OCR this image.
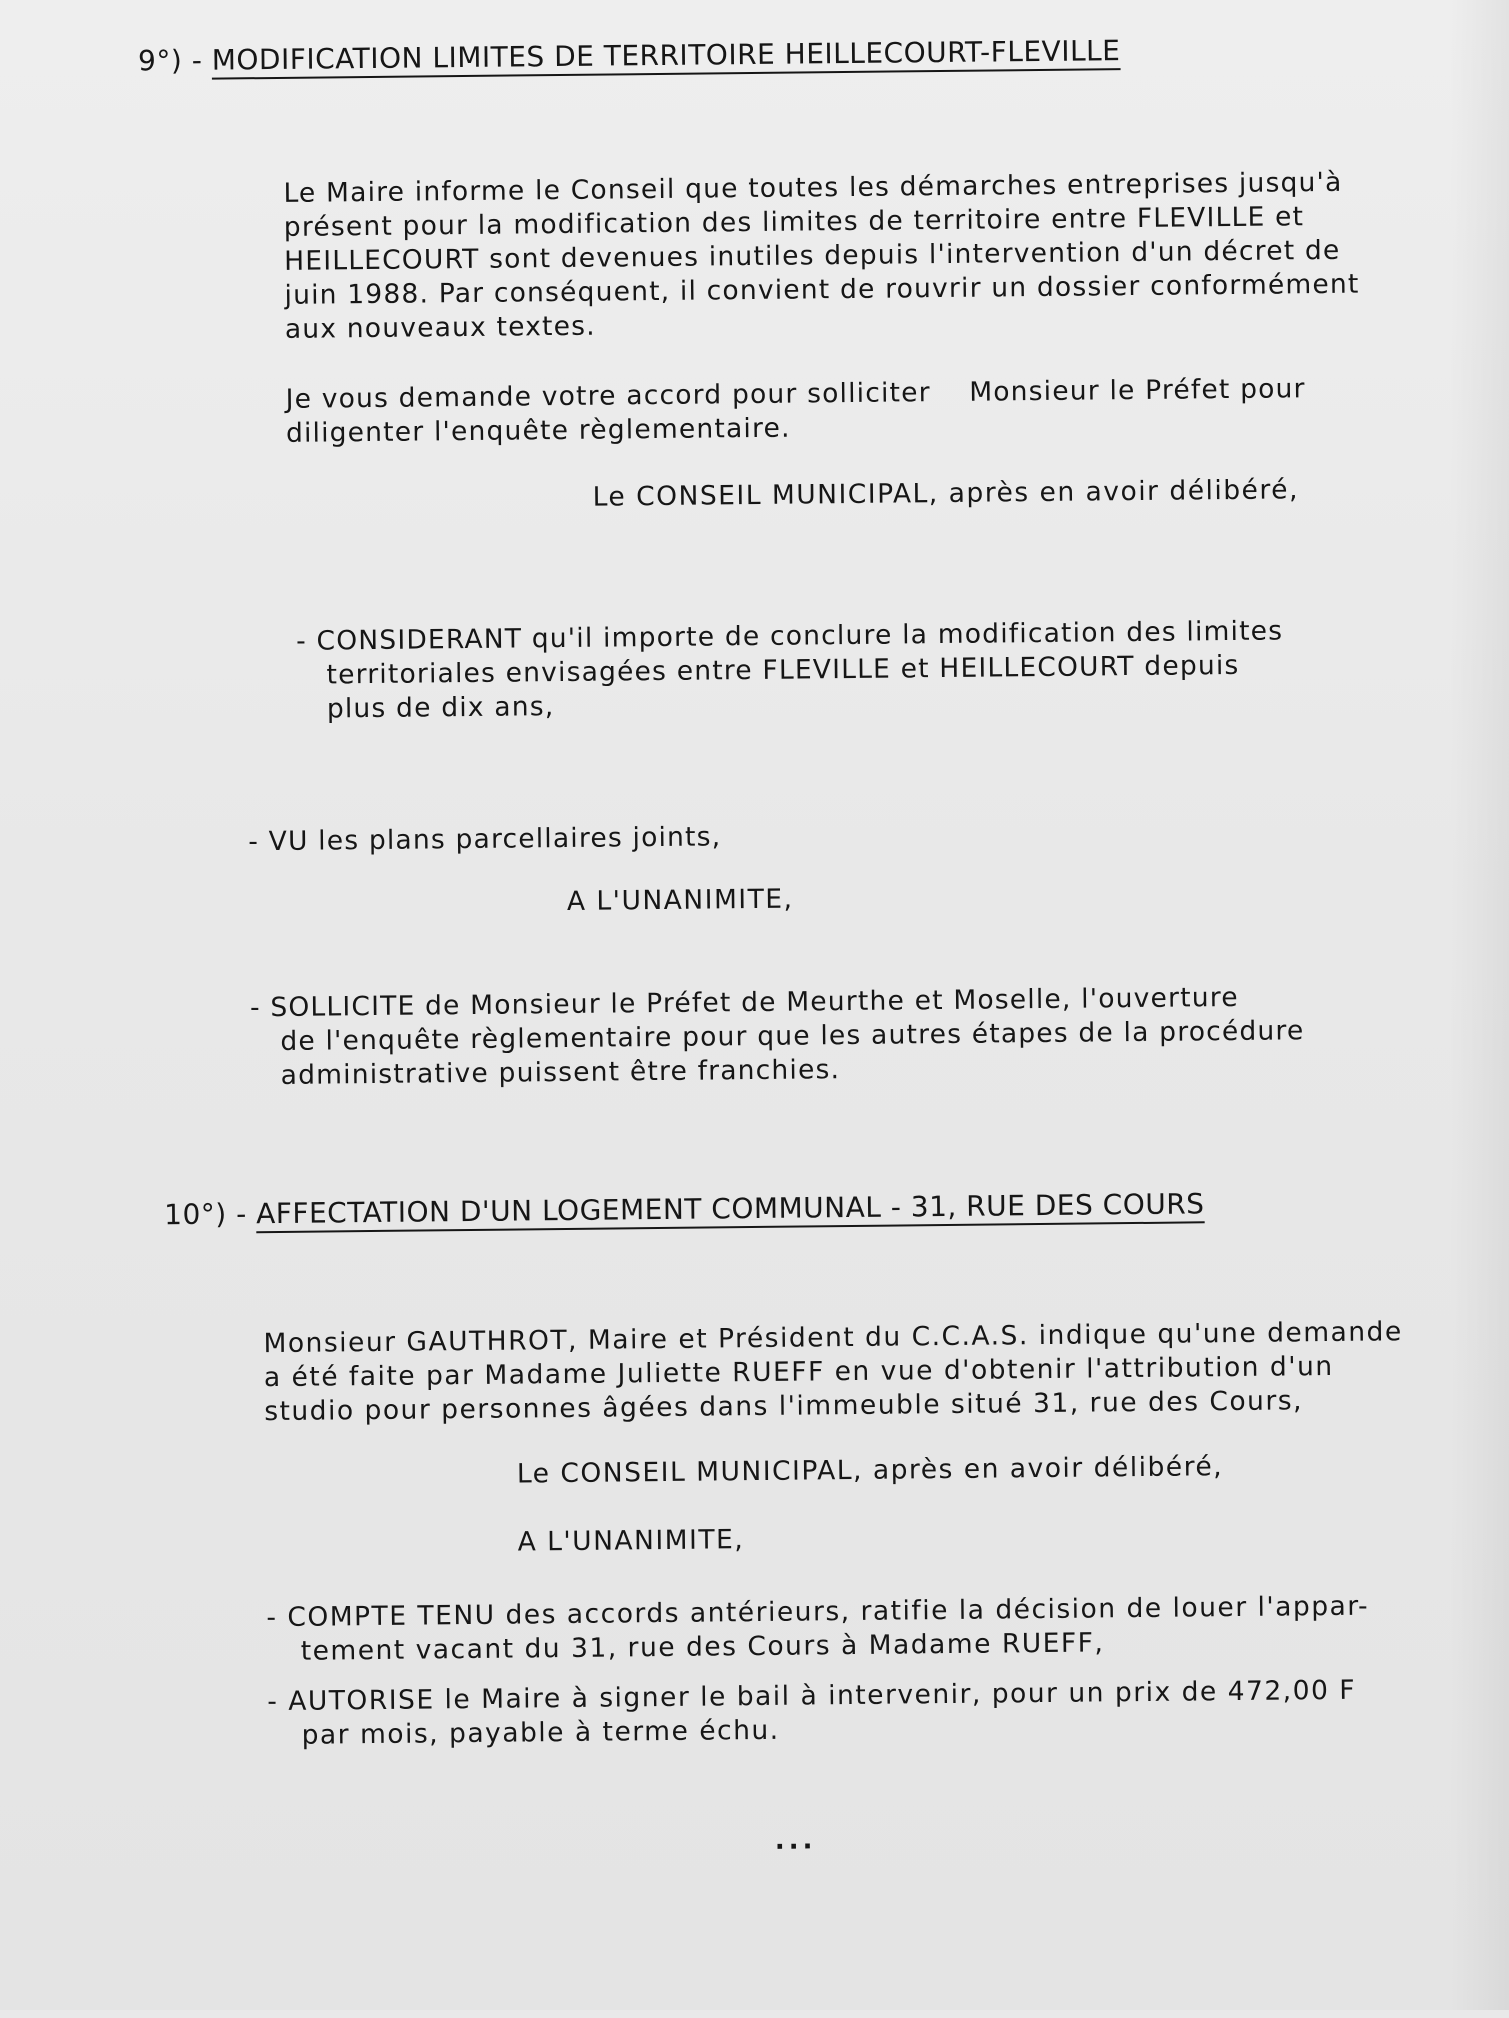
9°) - MODIFICATION LIMITES DE TERRITOIRE HEILLECOURT-FLEVILLE
Le Maire informe le Conseil que toutes les démarches entreprises jusqu'à
présent pour la modification des limites de territoire entre FLEVILLE et
HEILLECOURT sont devenues inutiles depuis l'intervention d'un décret de
juin 1988. Par conséquent, il convient de rouvrir un dossier conformément
aux nouveaux textes.
Je vous demande votre accord pour solliciter    Monsieur le Préfet pour
diligenter l'enquête règlementaire.
Le CONSEIL MUNICIPAL, après en avoir délibéré,
- CONSIDERANT qu'il importe de conclure la modification des limites
territoriales envisagées entre FLEVILLE et HEILLECOURT depuis
plus de dix ans,
- VU les plans parcellaires joints,
A L'UNANIMITE,
- SOLLICITE de Monsieur le Préfet de Meurthe et Moselle, l'ouverture
de l'enquête règlementaire pour que les autres étapes de la procédure
administrative puissent être franchies.
10°) - AFFECTATION D'UN LOGEMENT COMMUNAL - 31, RUE DES COURS
Monsieur GAUTHROT, Maire et Président du C.C.A.S. indique qu'une demande
a été faite par Madame Juliette RUEFF en vue d'obtenir l'attribution d'un
studio pour personnes âgées dans l'immeuble situé 31, rue des Cours,
Le CONSEIL MUNICIPAL, après en avoir délibéré,
A L'UNANIMITE,
- COMPTE TENU des accords antérieurs, ratifie la décision de louer l'appar-
tement vacant du 31, rue des Cours à Madame RUEFF,
- AUTORISE le Maire à signer le bail à intervenir, pour un prix de 472,00 F
par mois, payable à terme échu.
...
